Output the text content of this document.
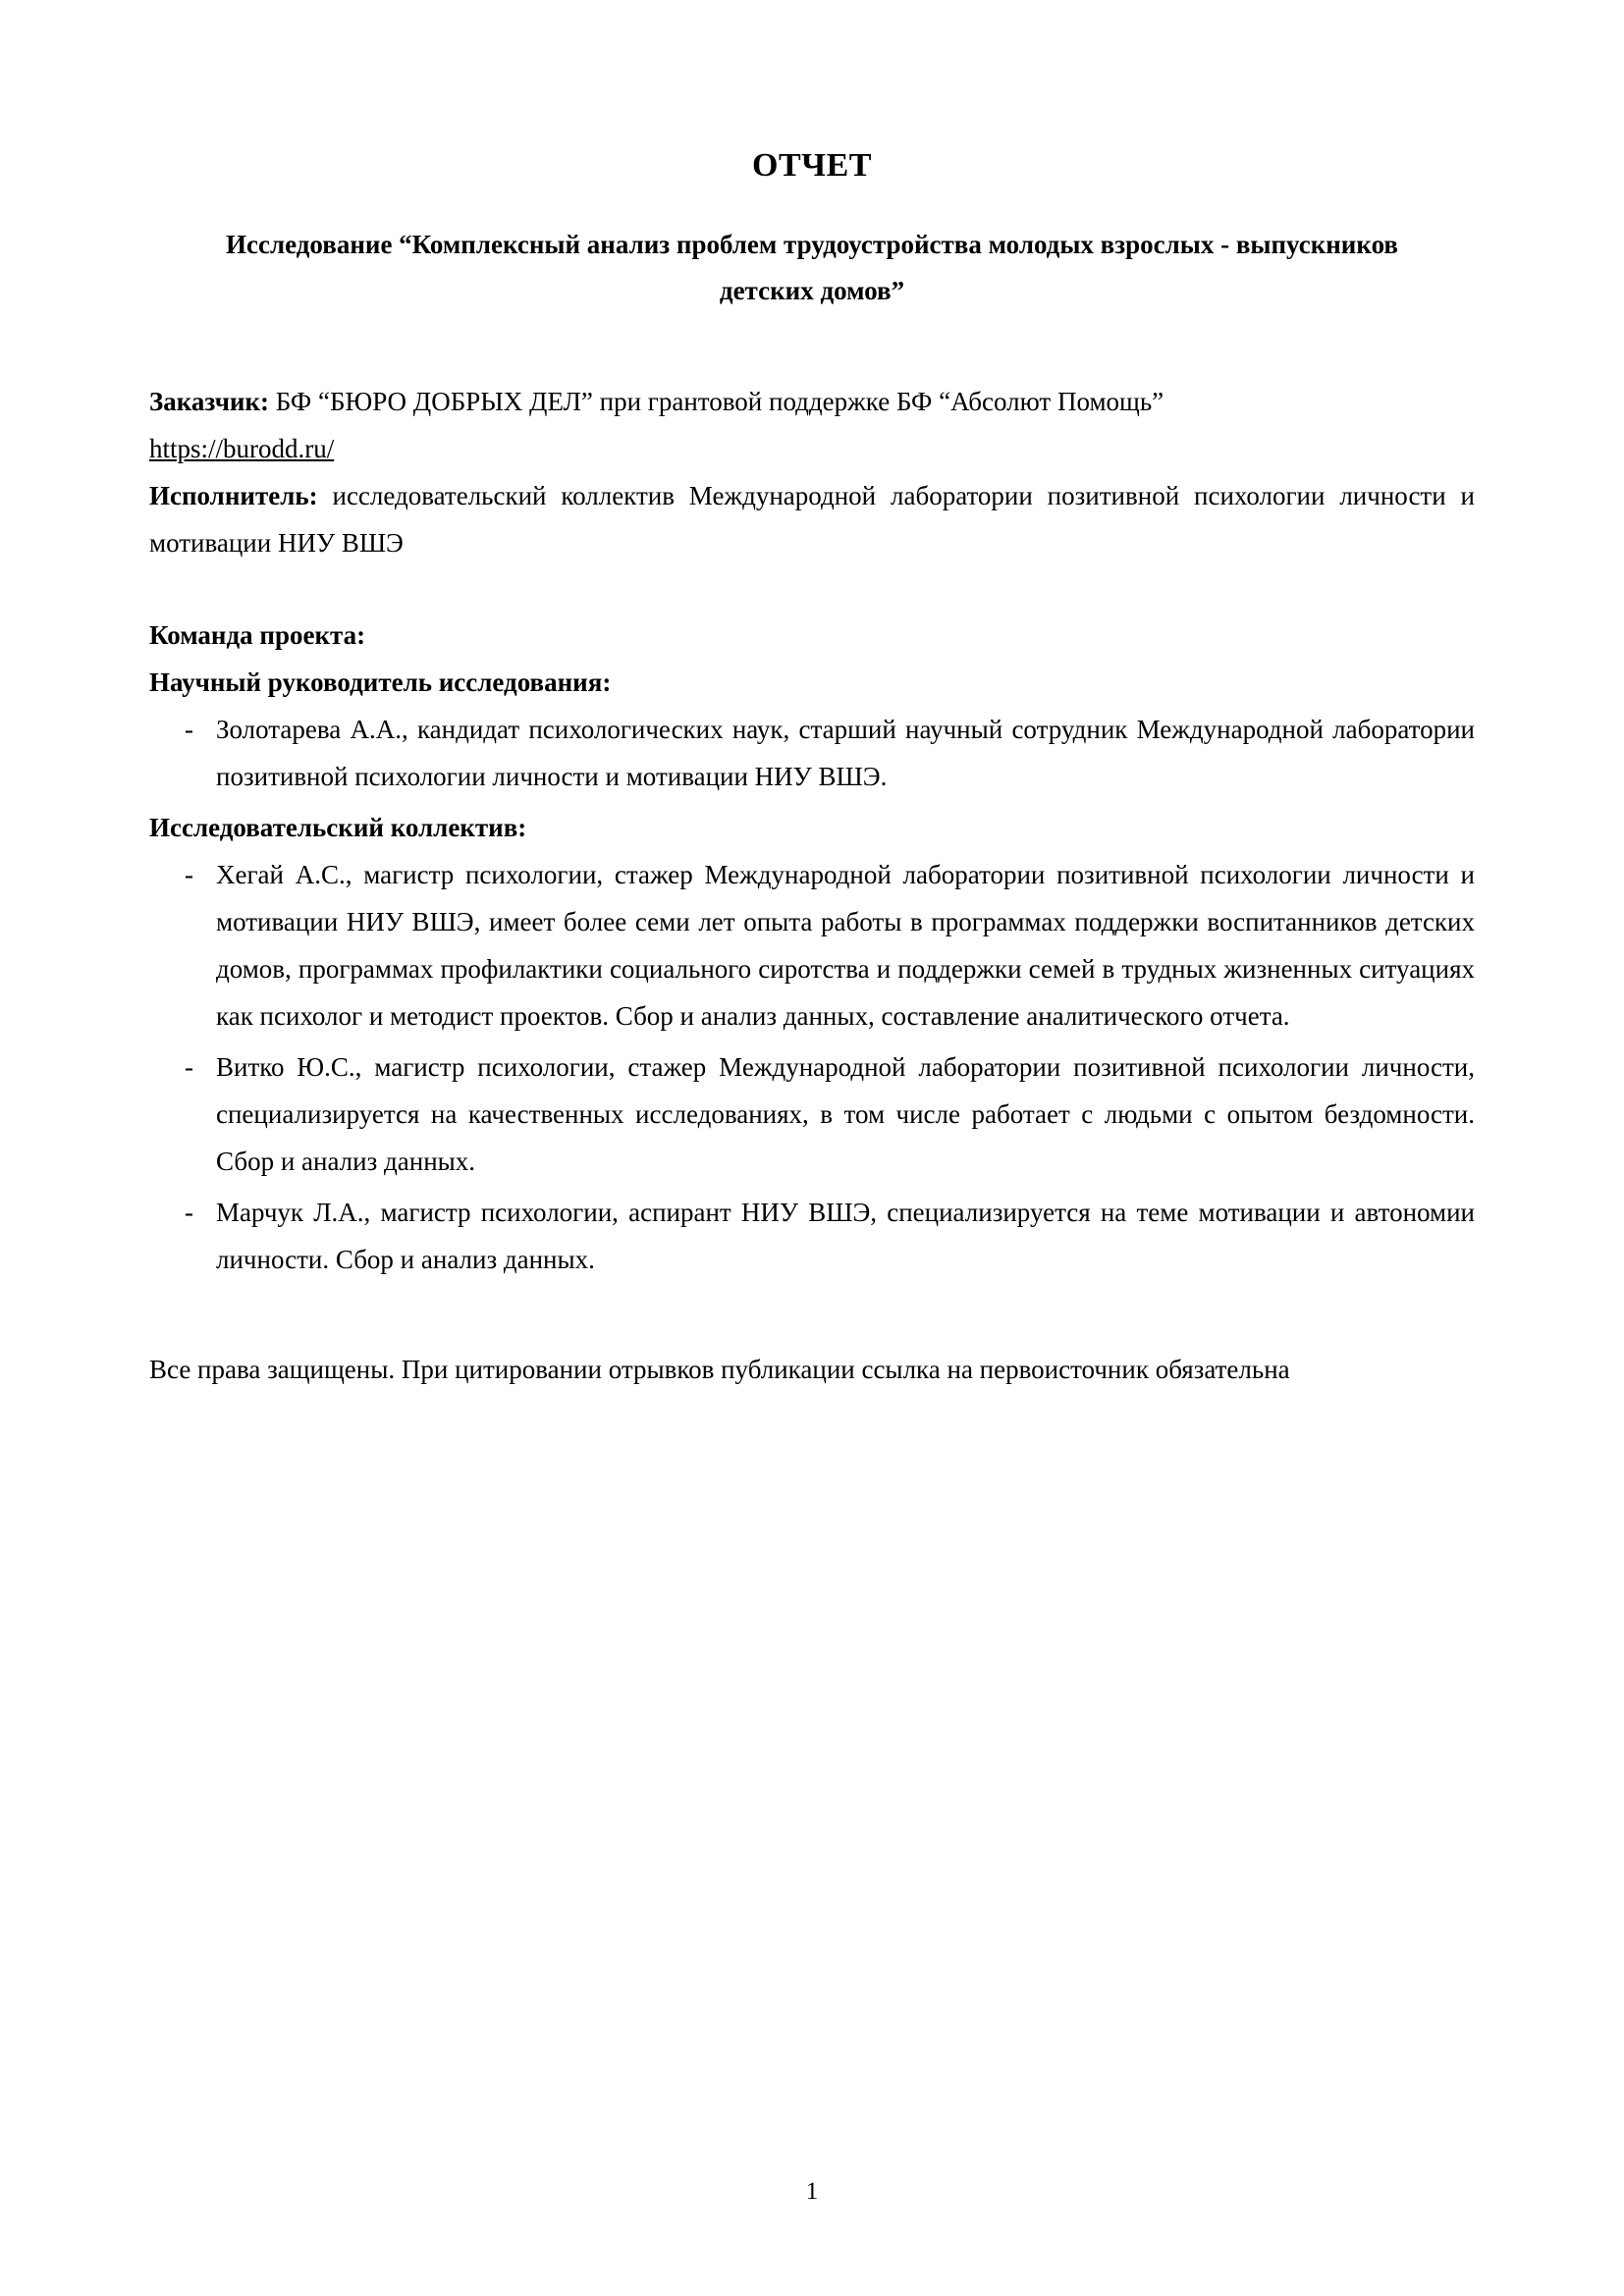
ОТЧЕТ
Исследование “Комплексный анализ проблем трудоустройства молодых взрослых - выпускников детских домов”

Заказчик: БФ “БЮРО ДОБРЫХ ДЕЛ” при грантовой поддержке БФ “Абсолют Помощь”

https://burodd.ru/

Исполнитель: исследовательский коллектив Международной лаборатории позитивной психологии личности и мотивации НИУ ВШЭ

Команда проекта:

Научный руководитель исследования:

- Золотарева А.А., кандидат психологических наук, старший научный сотрудник Международной лаборатории позитивной психологии личности и мотивации НИУ ВШЭ.

Исследовательский коллектив:

- Хегай А.С., магистр психологии, стажер Международной лаборатории позитивной психологии личности и мотивации НИУ ВШЭ, имеет более семи лет опыта работы в программах поддержки воспитанников детских домов, программах профилактики социального сиротства и поддержки семей в трудных жизненных ситуациях как психолог и методист проектов. Сбор и анализ данных, составление аналитического отчета.
- Витко Ю.С., магистр психологии, стажер Международной лаборатории позитивной психологии личности, специализируется на качественных исследованиях, в том числе работает с людьми с опытом бездомности. Сбор и анализ данных.
- Марчук Л.А., магистр психологии, аспирант НИУ ВШЭ, специализируется на теме мотивации и автономии личности. Сбор и анализ данных.

Все права защищены. При цитировании отрывков публикации ссылка на первоисточник обязательна

1
